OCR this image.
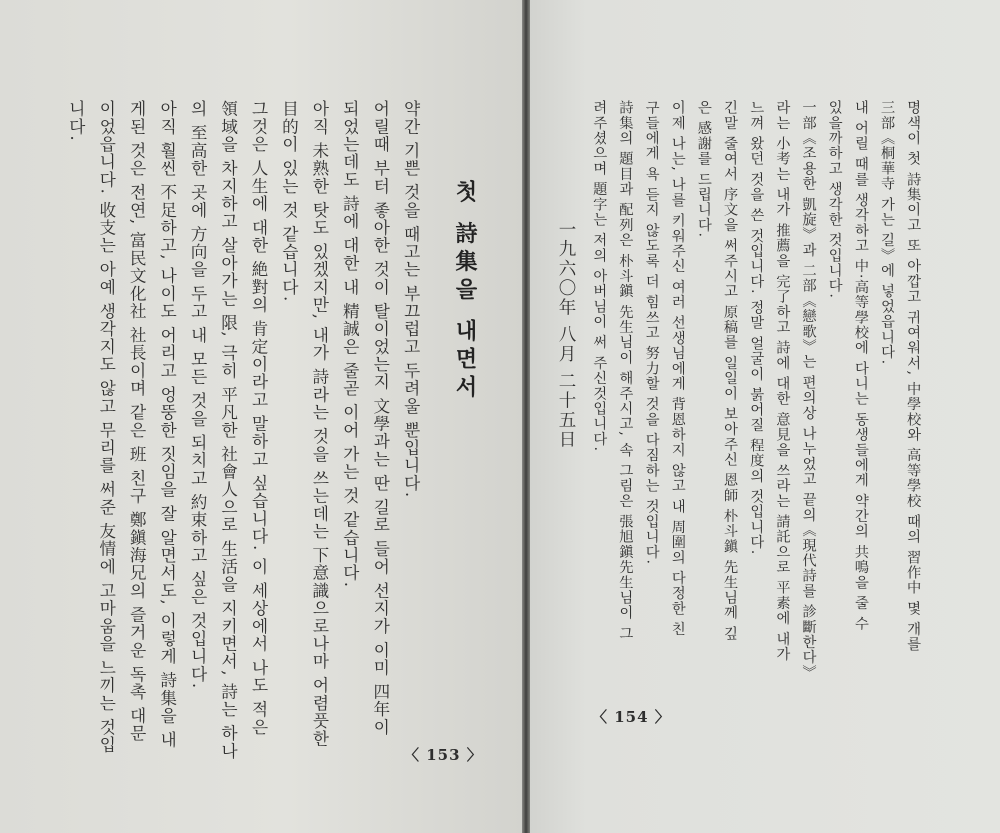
첫 詩集을 내면서
약간 기쁜 것을 때고는 부끄럽고 두려울 뿐입니다.
어릴때 부터 좋아한 것이 탈이었는지 文學과는 딴 길로 들어 선지가 이미 四年이
되었는데도 詩에 대한 내 精誠은 줄곧 이어 가는 것 같습니다.
아직 未熟한 탓도 있겠지만, 내가 詩라는 것을 쓰는데는 下意識으로나마 어렴풋한
目的이 있는 것 같습니다.
그것은 人生에 대한 絶對의 肯定이라고 말하고 싶습니다. 이 세상에서 나도 적은
領域을 차지하고 살아가는 限, 극히 平凡한 社會人으로 生活을 지키면서, 詩는 하나
의 至高한 곳에 方向을 두고 내 모든 것을 되치고 約束하고 싶은 것입니다.
아직 훨씬 不足하고, 나이도 어리고 엉뚱한 짓임을 잘 알면서도, 이렇게 詩集을 내
게된 것은 전연, 富民文化社 社長이며 같은 班 친구 鄭鎭海兄의 즐거운 독촉 대문
이었읍니다. 收支는 아예 생각지도 않고 무리를 써준 友情에 고마움을 느끼는 것입
니다.
〈 153 〉
명색이 첫 詩集이고 또 아깝고 귀여워서, 中學校와 高等學校 때의 習作中 몇 개를
三部《桐華寺 가는 길》에 넣었읍니다.
내 어릴 때를 생각하고 中·高等學校에 다니는 동생들에게 약간의 共鳴을 줄 수
있을까하고 생각한 것입니다.
一部《조용한 凱旋》과 二部《戀歌》는 편의상 나누었고 끝의《現代詩를 診斷한다》
라는 小考는 내가 推薦을 完了하고 詩에 대한 意見을 쓰라는 請託으로 平素에 내가
느껴 왔던 것을 쓴 것입니다. 정말 얼굴이 붉어질 程度의 것입니다.
긴말 줄여서 序文을 써주시고 原稿를 일일이 보아주신 恩師 朴斗鎭 先生님께 깊
은 感謝를 드립니다.
이제 나는, 나를 키워주신 여러 선생님에게 背恩하지 않고 내 周圍의 다정한 친
구들에게 욕 듣지 않도록 더 힘쓰고 努力할 것을 다짐하는 것입니다.
詩集의 題目과 配列은 朴斗鎭 先生님이 해주시고, 속 그림은 張旭鎭先生님이 그
려주셨으며 題字는 저의 아버님이 써 주신것입니다.
一九六〇年 八月 二十五日
〈 154 〉
